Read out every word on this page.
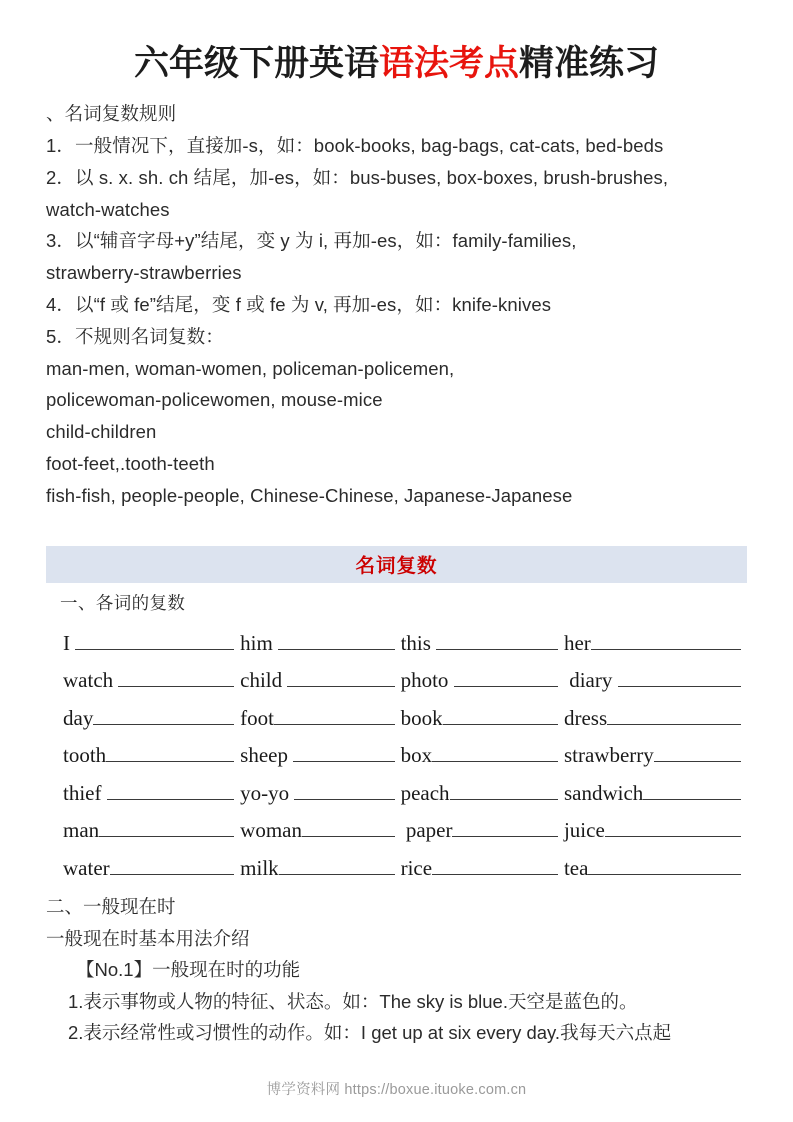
六年级下册英语语法考点精准练习
、名词复数规则
1．一般情况下，直接加-s，如：book-books, bag-bags, cat-cats, bed-beds
2．以 s. x. sh. ch 结尾，加-es，如：bus-buses, box-boxes, brush-brushes,
watch-watches
3．以“辅音字母+y”结尾，变 y 为 i, 再加-es，如：family-families,
strawberry-strawberries
4．以“f 或 fe”结尾，变 f 或 fe 为 v, 再加-es，如：knife-knives
5．不规则名词复数：
man-men, woman-women, policeman-policemen,
policewoman-policewomen, mouse-mice
child-children
foot-feet,.tooth-teeth
fish-fish, people-people, Chinese-Chinese, Japanese-Japanese
名词复数
一、各词的复数
I	him	this	her
watch	child	photo	diary
day	foot	book	dress
tooth	sheep	box	strawberry
thief	yo-yo	peach	sandwich
man	woman	paper	juice
water	milk	rice	tea
二、一般现在时
一般现在时基本用法介绍
【No.1】一般现在时的功能
1.表示事物或人物的特征、状态。如：The sky is blue.天空是蓝色的。
2.表示经常性或习惯性的动作。如：I get up at six every day.我每天六点起
博学资料网 https://boxue.ituoke.com.cn
